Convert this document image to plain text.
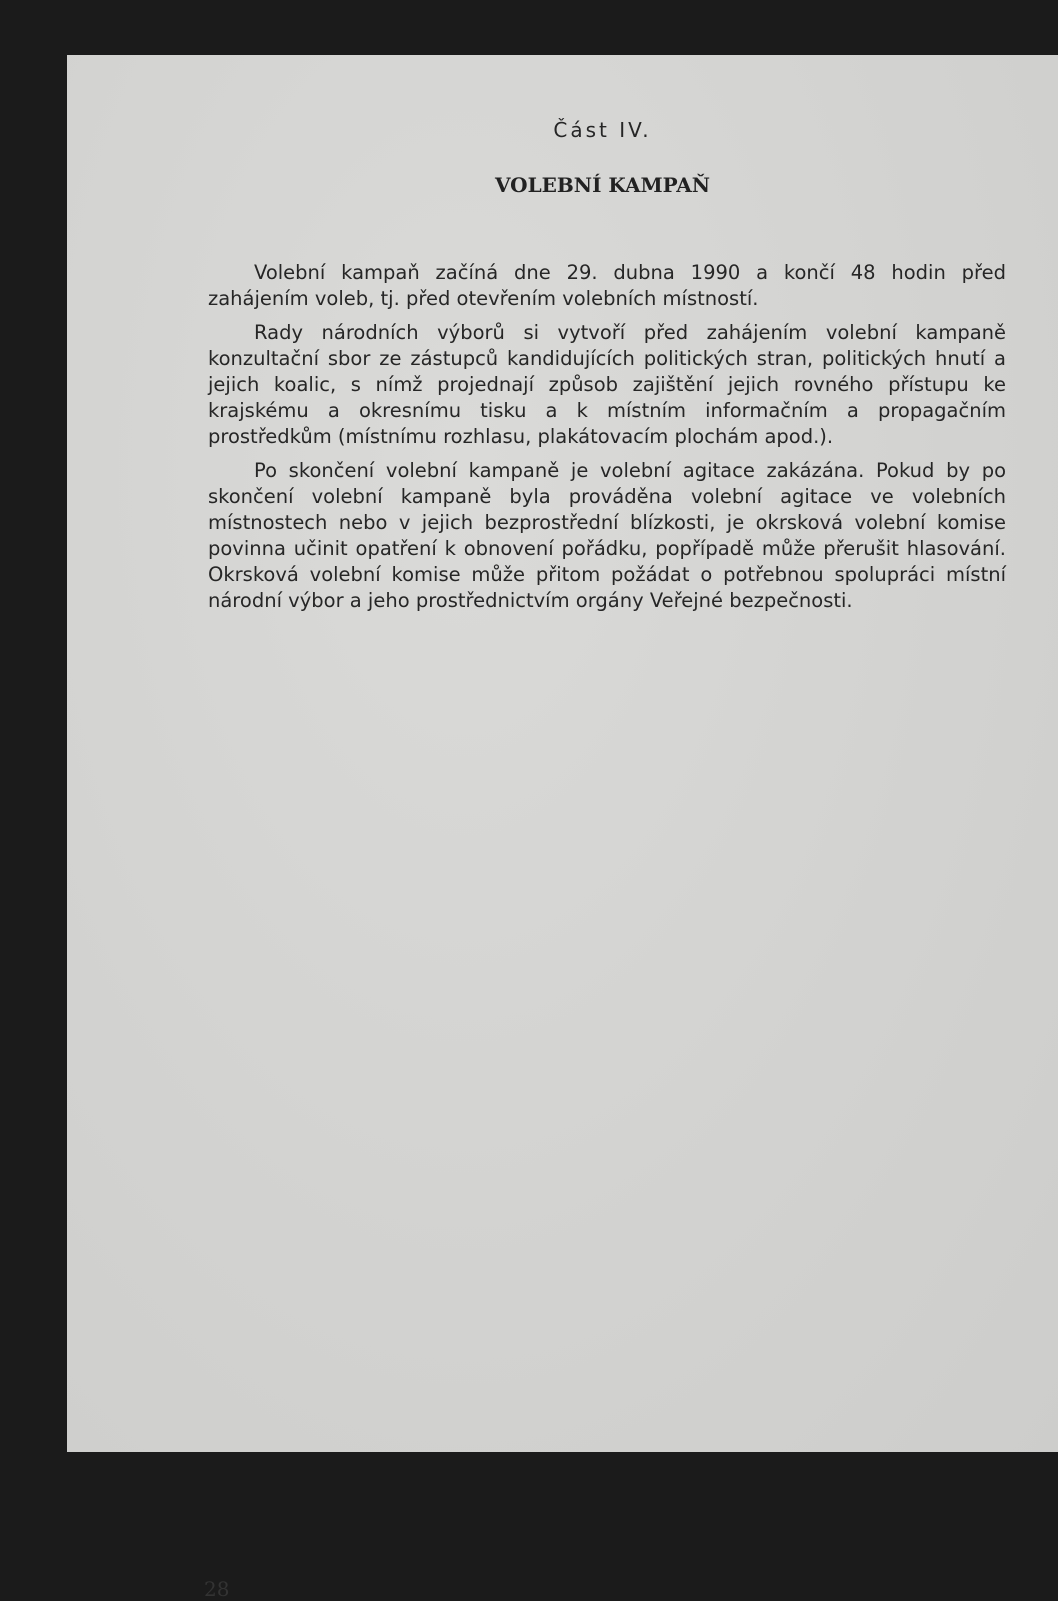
Část IV.
VOLEBNÍ KAMPAŇ

Volební kampaň začíná dne 29. dubna 1990 a končí 48 hodin před zahájením voleb, tj. před otevřením volebních místností.

Rady národních výborů si vytvoří před zahájením volební kampaně konzultační sbor ze zástupců kandidujících politických stran, politických hnutí a jejich koalic, s nímž projednají způsob zajištění jejich rovného přístupu ke krajskému a okresnímu tisku a k místním informačním a propagačním prostředkům (místnímu rozhlasu, plakátovacím plochám apod.).

Po skončení volební kampaně je volební agitace zakázána. Pokud by po skončení volební kampaně byla prováděna volební agitace ve volebních místnostech nebo v jejich bezprostřední blízkosti, je okrsková volební komise povinna učinit opatření k obnovení pořádku, popřípadě může přerušit hlasování. Okrsková volební komise může přitom požádat o potřebnou spolupráci místní národní výbor a jeho prostřednictvím orgány Veřejné bezpečnosti.

28
